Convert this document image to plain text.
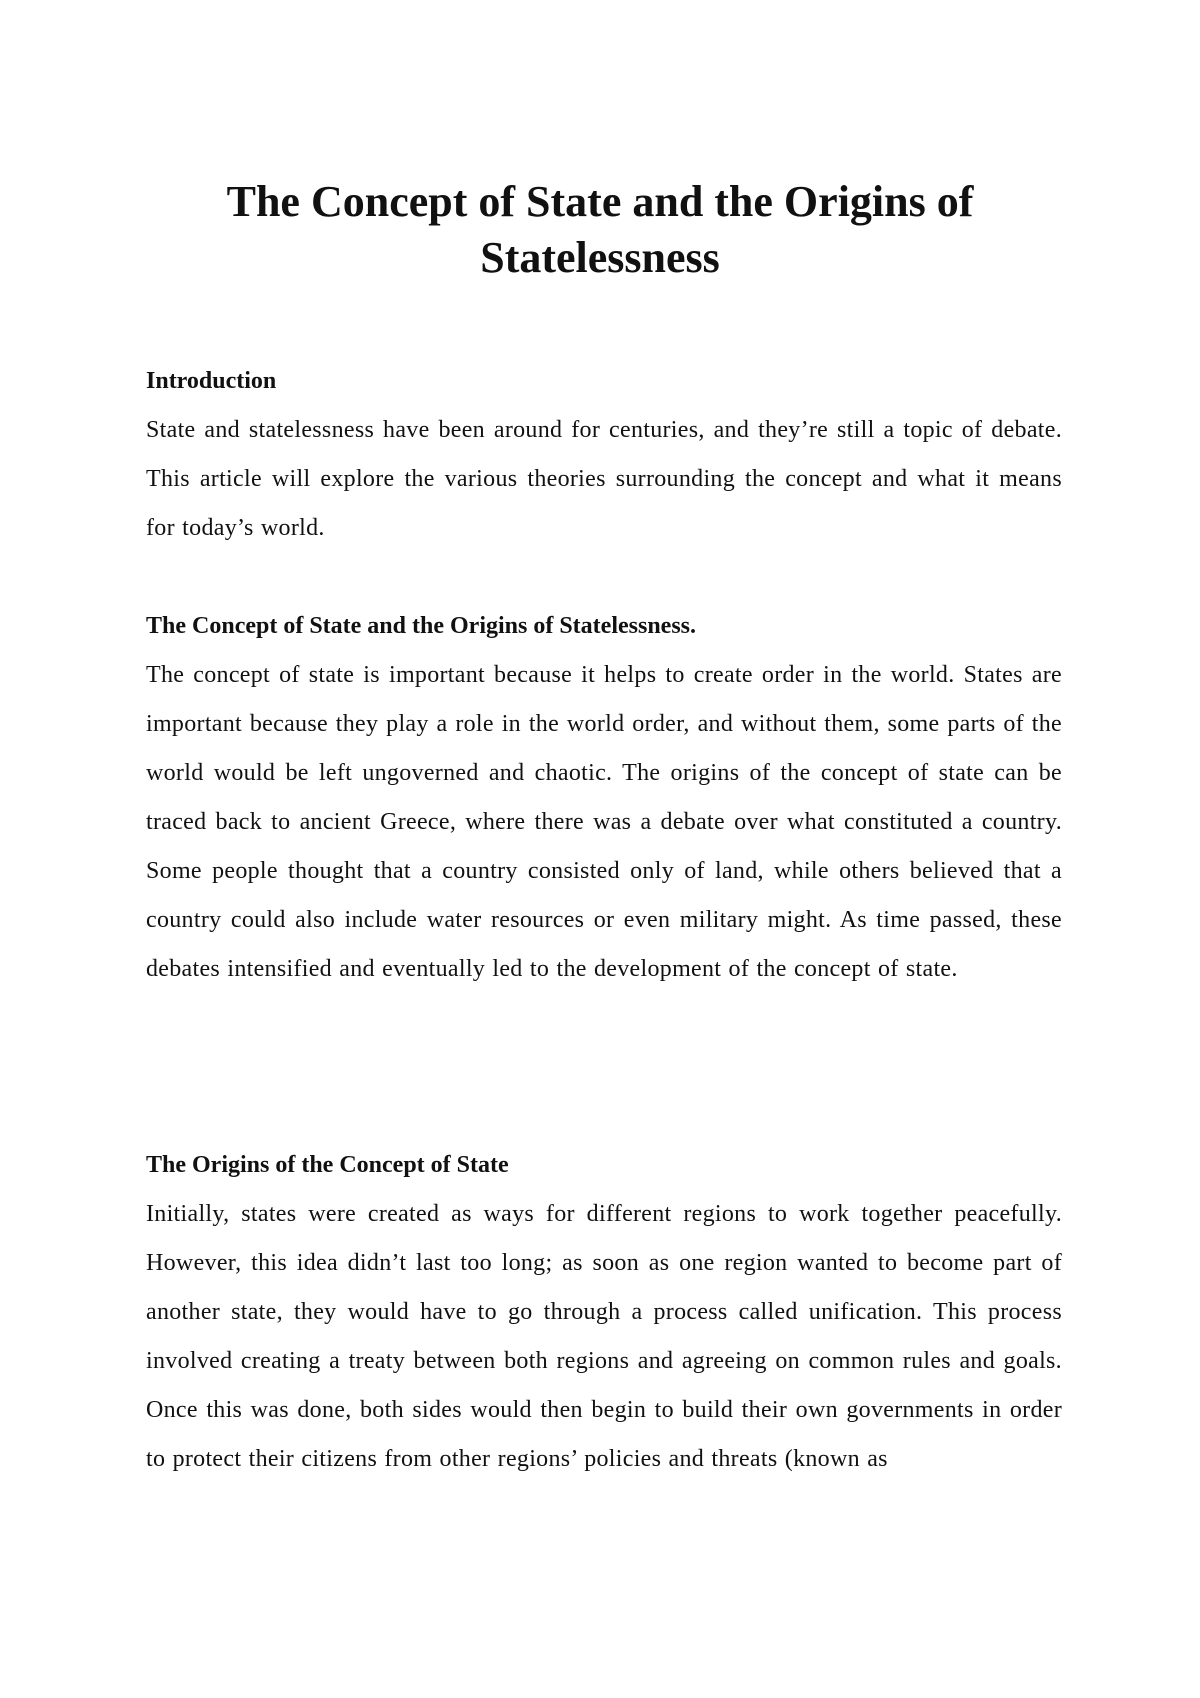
The Concept of State and the Origins of Statelessness
Introduction

State and statelessness have been around for centuries, and they’re still a topic of debate. This article will explore the various theories surrounding the concept and what it means for today’s world.

The Concept of State and the Origins of Statelessness.

The concept of state is important because it helps to create order in the world. States are important because they play a role in the world order, and without them, some parts of the world would be left ungoverned and chaotic. The origins of the concept of state can be traced back to ancient Greece, where there was a debate over what constituted a country. Some people thought that a country consisted only of land, while others believed that a country could also include water resources or even military might. As time passed, these debates intensified and eventually led to the development of the concept of state.

The Origins of the Concept of State

Initially, states were created as ways for different regions to work together peacefully. However, this idea didn’t last too long; as soon as one region wanted to become part of another state, they would have to go through a process called unification. This process involved creating a treaty between both regions and agreeing on common rules and goals. Once this was done, both sides would then begin to build their own governments in order to protect their citizens from other regions’ policies and threats (known as
